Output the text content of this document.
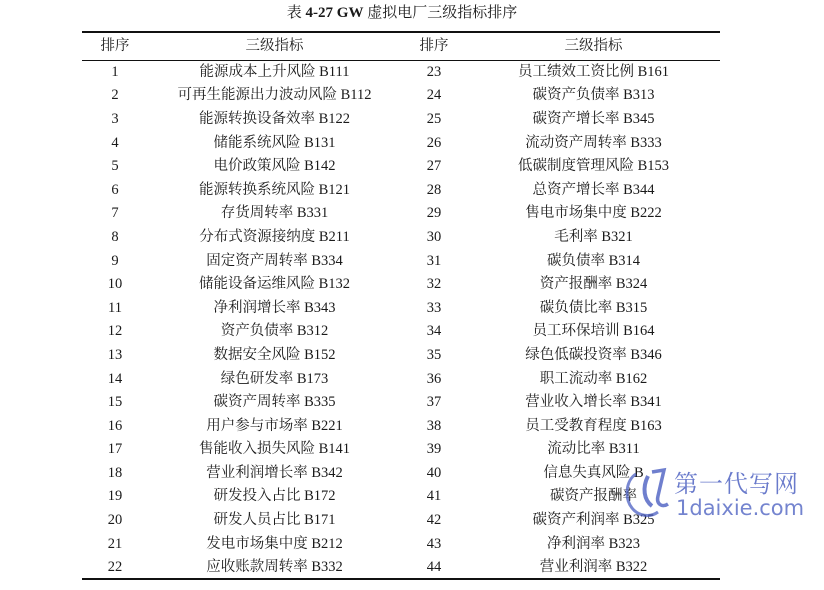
表 4-27 GW 虚拟电厂三级指标排序
排序	三级指标	排序	三级指标
1	能源成本上升风险 B111	23	员工绩效工资比例 B161
2	可再生能源出力波动风险 B112	24	碳资产负债率 B313
3	能源转换设备效率 B122	25	碳资产增长率 B345
4	储能系统风险 B131	26	流动资产周转率 B333
5	电价政策风险 B142	27	低碳制度管理风险 B153
6	能源转换系统风险 B121	28	总资产增长率 B344
7	存货周转率 B331	29	售电市场集中度 B222
8	分布式资源接纳度 B211	30	毛利率 B321
9	固定资产周转率 B334	31	碳负债率 B314
10	储能设备运维风险 B132	32	资产报酬率 B324
11	净利润增长率 B343	33	碳负债比率 B315
12	资产负债率 B312	34	员工环保培训 B164
13	数据安全风险 B152	35	绿色低碳投资率 B346
14	绿色研发率 B173	36	职工流动率 B162
15	碳资产周转率 B335	37	营业收入增长率 B341
16	用户参与市场率 B221	38	员工受教育程度 B163
17	售能收入损失风险 B141	39	流动比率 B311
18	营业利润增长率 B342	40	信息失真风险 B
19	研发投入占比 B172	41	碳资产报酬率
20	研发人员占比 B171	42	碳资产利润率 B325
21	发电市场集中度 B212	43	净利润率 B323
22	应收账款周转率 B332	44	营业利润率 B322
第一代写网
1daixie.com
